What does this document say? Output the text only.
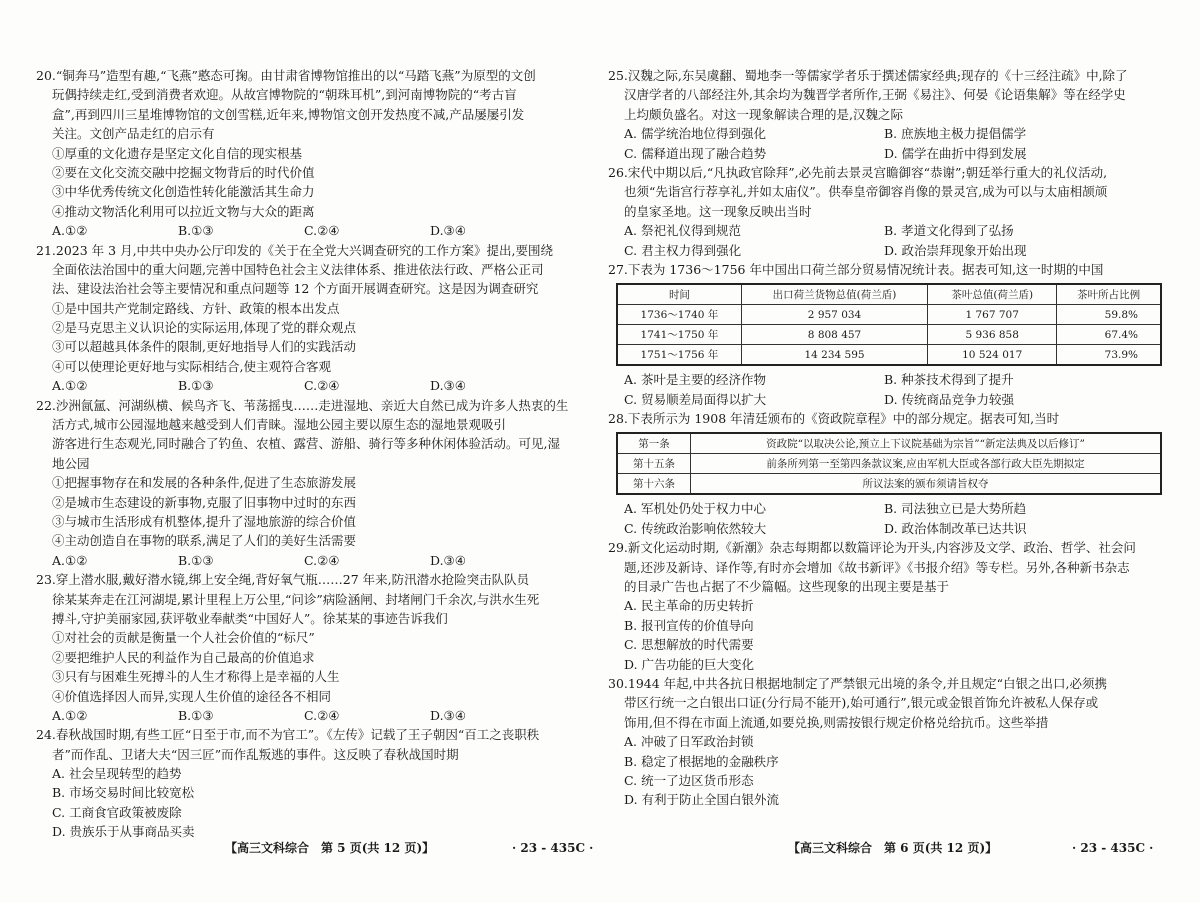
20.“铜奔马”造型有趣,“飞燕”憨态可掬。由甘肃省博物馆推出的以“马踏飞燕”为原型的文创
玩偶持续走红,受到消费者欢迎。从故宫博物院的“朝珠耳机”,到河南博物院的“考古盲
盒”,再到四川三星堆博物馆的文创雪糕,近年来,博物馆文创开发热度不减,产品屡屡引发
关注。文创产品走红的启示有
①厚重的文化遗存是坚定文化自信的现实根基
②要在文化交流交融中挖掘文物背后的时代价值
③中华优秀传统文化创造性转化能激活其生命力
④推动文物活化利用可以拉近文物与大众的距离
A.①②	B.①③	C.②④	D.③④
21.2023 年 3 月,中共中央办公厅印发的《关于在全党大兴调查研究的工作方案》提出,要围绕
全面依法治国中的重大问题,完善中国特色社会主义法律体系、推进依法行政、严格公正司
法、建设法治社会等主要情况和重点问题等 12 个方面开展调查研究。这是因为调查研究
①是中国共产党制定路线、方针、政策的根本出发点
②是马克思主义认识论的实际运用,体现了党的群众观点
③可以超越具体条件的限制,更好地指导人们的实践活动
④可以使理论更好地与实际相结合,使主观符合客观
A.①②	B.①③	C.②④	D.③④
22.沙洲氤氲、河湖纵横、候鸟齐飞、苇荡摇曳……走进湿地、亲近大自然已成为许多人热衷的生
活方式,城市公园湿地越来越受到人们青睐。湿地公园主要以原生态的湿地景观吸引
游客进行生态观光,同时融合了钓鱼、农植、露营、游船、骑行等多种休闲体验活动。可见,湿
地公园
①把握事物存在和发展的各种条件,促进了生态旅游发展
②是城市生态建设的新事物,克服了旧事物中过时的东西
③与城市生活形成有机整体,提升了湿地旅游的综合价值
④主动创造自在事物的联系,满足了人们的美好生活需要
A.①②	B.①③	C.②④	D.③④
23.穿上潜水服,戴好潜水镜,绑上安全绳,背好氧气瓶……27 年来,防汛潜水抢险突击队队员
徐某某奔走在江河湖堤,累计里程上万公里,“问诊”病险涵闸、封堵闸门千余次,与洪水生死
搏斗,守护美丽家园,获评敬业奉献类“中国好人”。徐某某的事迹告诉我们
①对社会的贡献是衡量一个人社会价值的“标尺”
②要把维护人民的利益作为自己最高的价值追求
③只有与困难生死搏斗的人生才称得上是幸福的人生
④价值选择因人而异,实现人生价值的途径各不相同
A.①②	B.①③	C.②④	D.③④
24.春秋战国时期,有些工匠“日至于市,而不为官工”。《左传》记载了王子朝因“百工之丧职秩
者”而作乱、卫诸大夫“因三匠”而作乱叛逃的事件。这反映了春秋战国时期
A. 社会呈现转型的趋势
B. 市场交易时间比较宽松
C. 工商食官政策被废除
D. 贵族乐于从事商品买卖
25.汉魏之际,东吴虞翻、蜀地李一等儒家学者乐于撰述儒家经典;现存的《十三经注疏》中,除了
汉唐学者的八部经注外,其余均为魏晋学者所作,王弼《易注》、何晏《论语集解》等在经学史
上均颇负盛名。对这一现象解读合理的是,汉魏之际
A. 儒学统治地位得到强化	B. 庶族地主极力提倡儒学
C. 儒释道出现了融合趋势	D. 儒学在曲折中得到发展
26.宋代中期以后,“凡执政官除拜”,必先前去景灵宫瞻御容“恭谢”;朝廷举行重大的礼仪活动,
也须“先诣宫行荐享礼,并如太庙仪”。供奉皇帝御容肖像的景灵宫,成为可以与太庙相颉颃
的皇家圣地。这一现象反映出当时
A. 祭祀礼仪得到规范	B. 孝道文化得到了弘扬
C. 君主权力得到强化	D. 政治崇拜现象开始出现
27.下表为 1736～1756 年中国出口荷兰部分贸易情况统计表。据表可知,这一时期的中国
时间	出口荷兰货物总值(荷兰盾)	茶叶总值(荷兰盾)	茶叶所占比例
1736～1740 年	2 957 034	1 767 707	59.8%
1741～1750 年	8 808 457	5 936 858	67.4%
1751～1756 年	14 234 595	10 524 017	73.9%
A. 茶叶是主要的经济作物	B. 种茶技术得到了提升
C. 贸易顺差局面得以扩大	D. 传统商品竞争力较强
28.下表所示为 1908 年清廷颁布的《资政院章程》中的部分规定。据表可知,当时
第一条	资政院“以取决公论,预立上下议院基础为宗旨”“新定法典及以后修订”
第十五条	前条所列第一至第四条款议案,应由军机大臣或各部行政大臣先期拟定
第十六条	所议法案的颁布须请旨权夺
A. 军机处仍处于权力中心	B. 司法独立已是大势所趋
C. 传统政治影响依然较大	D. 政治体制改革已达共识
29.新文化运动时期,《新潮》杂志每期都以数篇评论为开头,内容涉及文学、政治、哲学、社会问
题,还涉及新诗、译作等,有时亦会增加《故书新评》《书报介绍》等专栏。另外,各种新书杂志
的目录广告也占据了不少篇幅。这些现象的出现主要是基于
A. 民主革命的历史转折
B. 报刊宣传的价值导向
C. 思想解放的时代需要
D. 广告功能的巨大变化
30.1944 年起,中共各抗日根据地制定了严禁银元出境的条令,并且规定“白银之出口,必须携
带区行统一之白银出口证(分行局不能开),始可通行”,银元或金银首饰允许被私人保存或
饰用,但不得在市面上流通,如要兑换,则需按银行规定价格兑给抗币。这些举措
A. 冲破了日军政治封锁
B. 稳定了根据地的金融秩序
C. 统一了边区货币形态
D. 有利于防止全国白银外流
【高三文科综合　第 5 页(共 12 页)】	· 23 - 435C ·	【高三文科综合　第 6 页(共 12 页)】	· 23 - 435C ·
